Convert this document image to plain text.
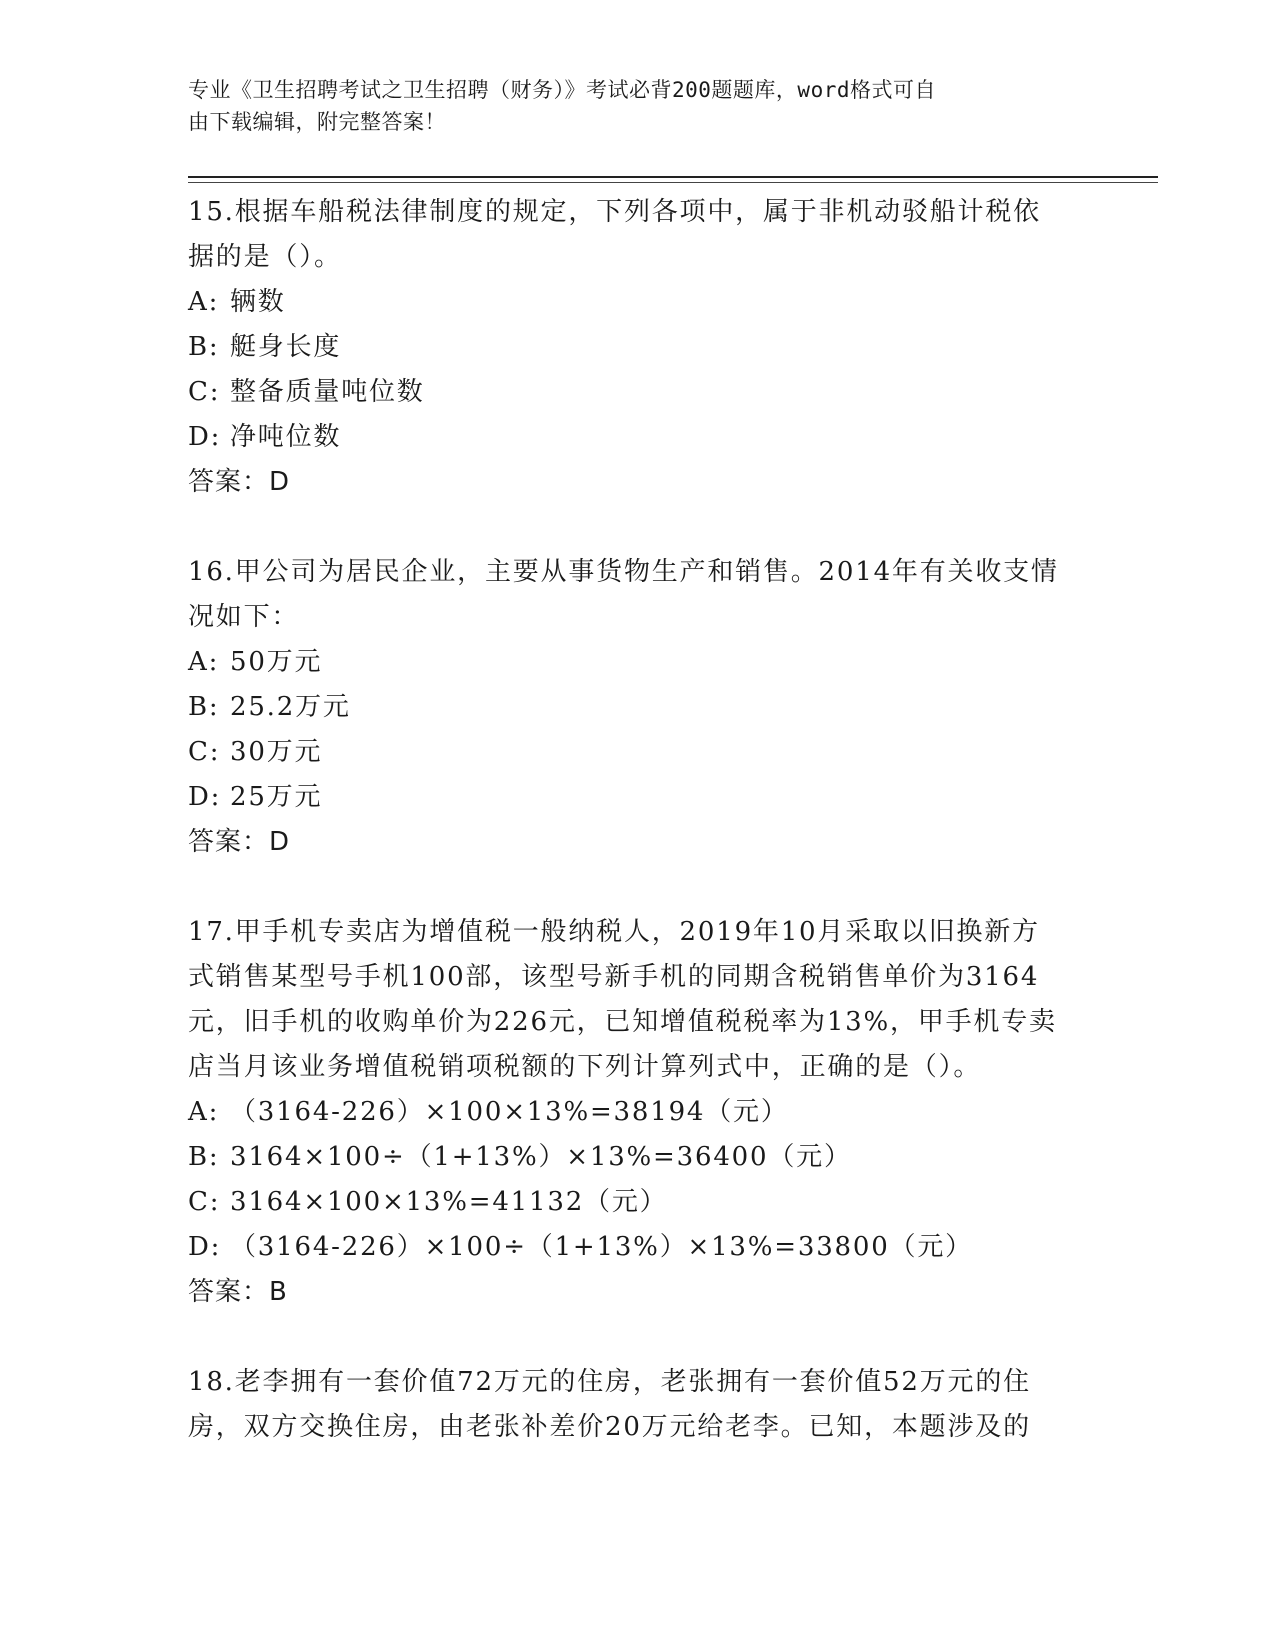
专业《卫生招聘考试之卫生招聘（财务）》考试必背200题题库，word格式可自
由下载编辑，附完整答案！

15.根据车船税法律制度的规定，下列各项中，属于非机动驳船计税依

据的是（）。

A: 辆数

B: 艇身长度

C: 整备质量吨位数

D: 净吨位数

答案：D

16.甲公司为居民企业，主要从事货物生产和销售。2014年有关收支情

况如下：

A: 50万元

B: 25.2万元

C: 30万元

D: 25万元

答案：D

17.甲手机专卖店为增值税一般纳税人，2019年10月采取以旧换新方

式销售某型号手机100部，该型号新手机的同期含税销售单价为3164

元，旧手机的收购单价为226元，已知增值税税率为13%，甲手机专卖

店当月该业务增值税销项税额的下列计算列式中，正确的是（）。

A: （3164-226）×100×13%=38194（元）

B: 3164×100÷（1+13%）×13%=36400（元）

C: 3164×100×13%=41132（元）

D: （3164-226）×100÷（1+13%）×13%=33800（元）

答案：B

18.老李拥有一套价值72万元的住房，老张拥有一套价值52万元的住

房，双方交换住房，由老张补差价20万元给老李。已知，本题涉及的
